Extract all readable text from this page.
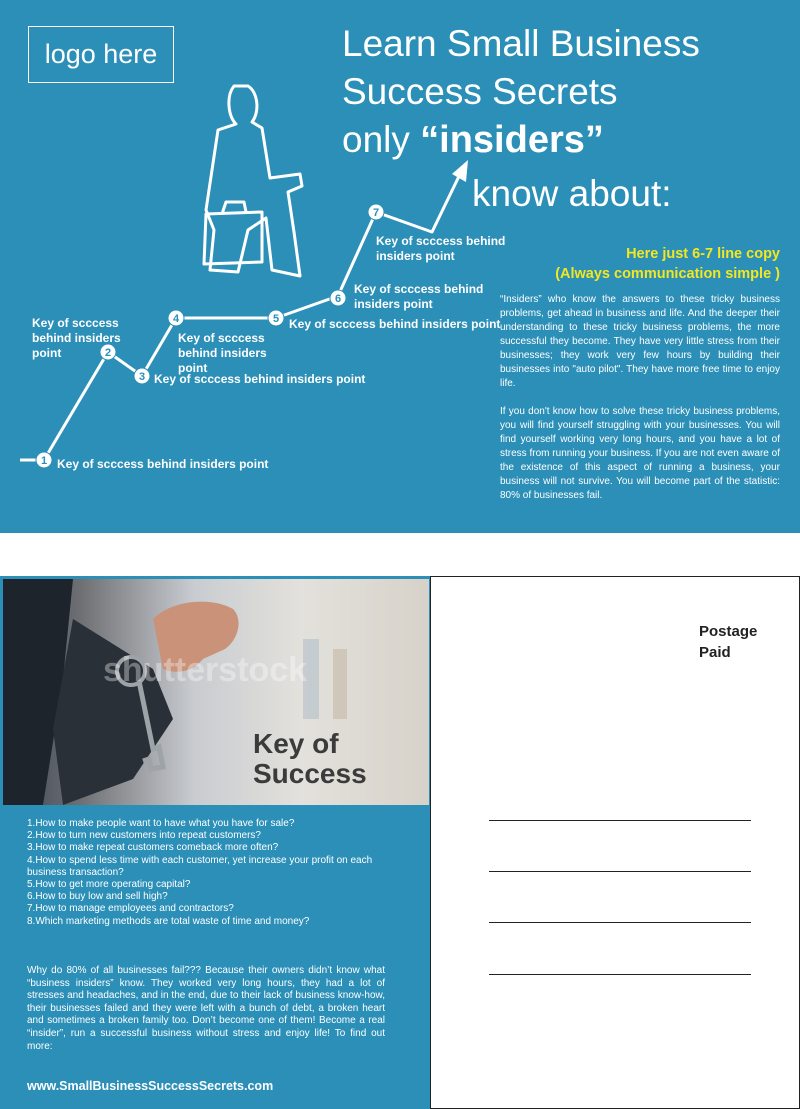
logo here	Learn Small Business
Success Secrets
only “insiders”
know about:
1
2
3
4	5
6
7
Key of scccess behind insiders point
Key of scccess behind insiders point
Key of scccess behind insiders point
Key of scccess behind insiders point
Key of scccess behind insiders point
Key of scccess behind insiders point
Key of scccess behind insiders point	Here just 6-7 line copy
(Always communication simple )

“Insiders” who know the answers to these tricky business problems, get ahead in business and life. And the deeper their understanding to these tricky business problems, the more successful they become. They have very little stress from their businesses; they work very few hours by building their businesses into "auto pilot". They have more free time to enjoy life.

If you don't know how to solve these tricky business problems, you will find yourself struggling with your businesses. You will find yourself working very long hours, and you have a lot of stress from running your business. If you are not even aware of the existence of this aspect of running a business, your business will not survive. You will become part of the statistic: 80% of businesses fail.

shutterstock
Key of
Success
1.How to make people want to have what you have for sale?
2.How to turn new customers into repeat customers?
3.How to make repeat customers comeback more often?
4.How to spend less time with each customer, yet increase your profit on each business transaction?
5.How to get more operating capital?
6.How to buy low and sell high?
7.How to manage employees and contractors?
8.Which marketing methods are total waste of time and money?
Why do 80% of all businesses fail??? Because their owners didn’t know what “business insiders” know. They worked very long hours, they had a lot of stresses and headaches, and in the end, due to their lack of business know-how, their businesses failed and they were left with a bunch of debt, a broken heart and sometimes a broken family too. Don’t become one of them! Become a real “insider”, run a successful business without stress and enjoy life! To find out more:
www.SmallBusinessSuccessSecrets.com
Postage
Paid
